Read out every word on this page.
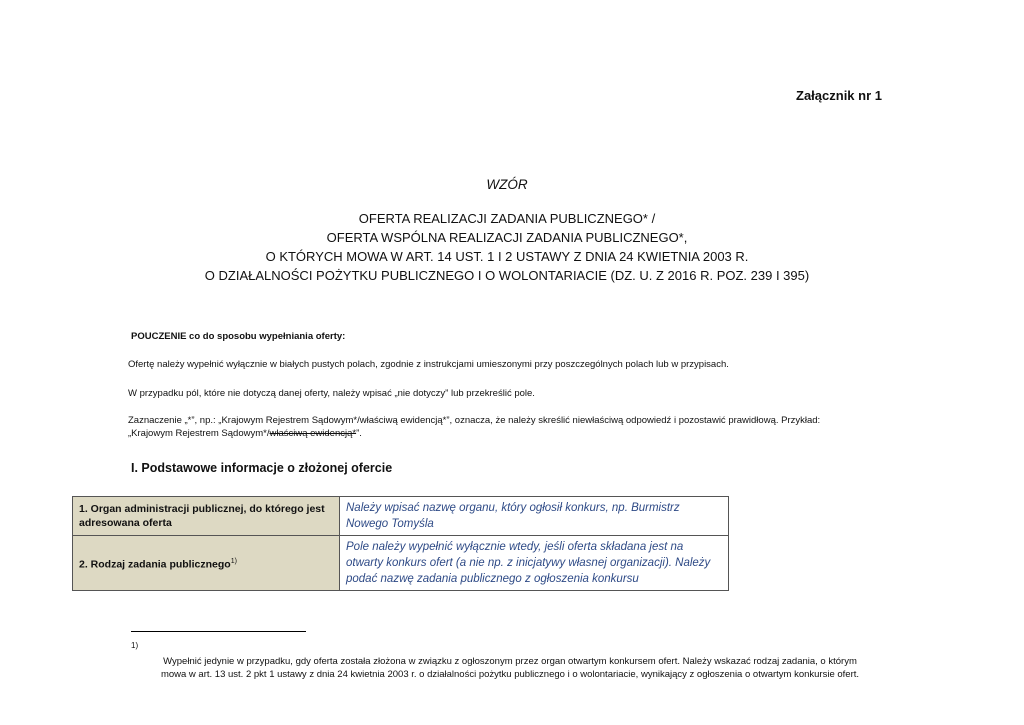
Załącznik nr 1
WZÓR
OFERTA REALIZACJI ZADANIA PUBLICZNEGO* /
OFERTA WSPÓLNA REALIZACJI ZADANIA PUBLICZNEGO*,
O KTÓRYCH MOWA W ART. 14 UST. 1 I 2 USTAWY Z DNIA 24 KWIETNIA 2003 R.
O DZIAŁALNOŚCI POŻYTKU PUBLICZNEGO I O WOLONTARIACIE (DZ. U. Z 2016 R. POZ. 239 I 395)
POUCZENIE co do sposobu wypełniania oferty:
Ofertę należy wypełnić wyłącznie w białych pustych polach, zgodnie z instrukcjami umieszonymi przy poszczególnych polach lub w przypisach.
W przypadku pól, które nie dotyczą danej oferty, należy wpisać „nie dotyczy” lub przekreślić pole.
Zaznaczenie „*”, np.: „Krajowym Rejestrem Sądowym*/właściwą ewidencją*”, oznacza, że należy skreślić niewłaściwą odpowiedź i pozostawić prawidłową. Przykład:
„Krajowym Rejestrem Sądowym*/właściwą ewidencją*”.
I. Podstawowe informacje o złożonej ofercie
1. Organ administracji publicznej, do którego jest adresowana oferta	Należy wpisać nazwę organu, który ogłosił konkurs, np. Burmistrz Nowego Tomyśla
2. Rodzaj zadania publicznego$^{1)}$	Pole należy wypełnić wyłącznie wtedy, jeśli oferta składana jest na otwarty konkurs ofert (a nie np. z inicjatywy własnej organizacji). Należy podać nazwę zadania publicznego z ogłoszenia konkursu
1)
Wypełnić jedynie w przypadku, gdy oferta została złożona w związku z ogłoszonym przez organ otwartym konkursem ofert. Należy wskazać rodzaj zadania, o którym
mowa w art. 13 ust. 2 pkt 1 ustawy z dnia 24 kwietnia 2003 r. o działalności pożytku publicznego i o wolontariacie, wynikający z ogłoszenia o otwartym konkursie ofert.
